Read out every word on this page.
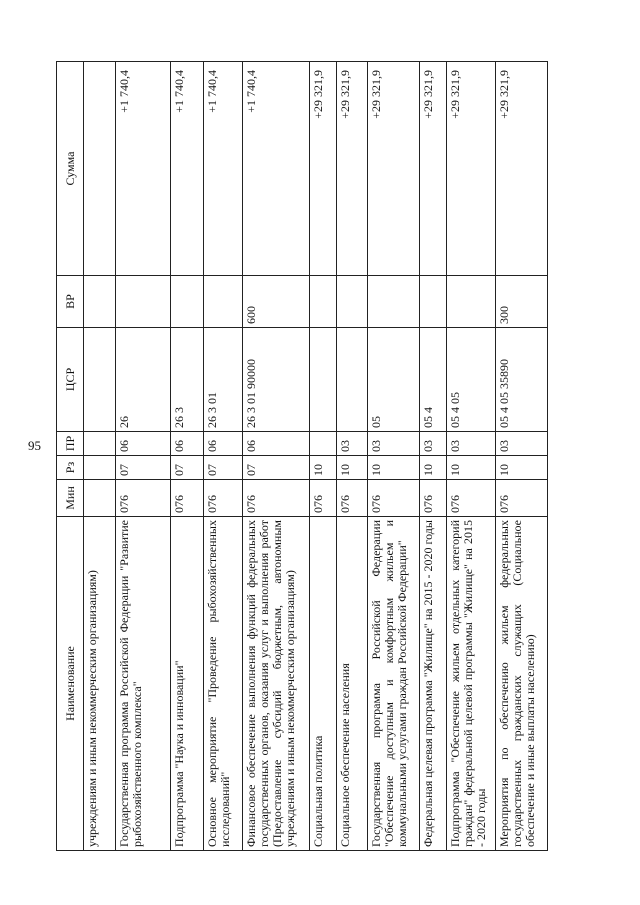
95
Наименование	Мин	Рз	ПР	ЦСР	ВР	Сумма
учреждениям и иным некоммерческим организациям)						
Государственная программа Российской Федерации "Развитие рыбохозяйственного комплекса"	076	07	06	26		+1 740,4
Подпрограмма "Наука и инновации"	076	07	06	26 3		+1 740,4
Основное мероприятие "Проведение рыбохозяйственных исследований"	076	07	06	26 3 01		+1 740,4
Финансовое обеспечение выполнения функций федеральных государственных органов, оказания услуг и выполнения работ (Предоставление субсидий бюджетным, автономным учреждениям и иным некоммерческим организациям)	076	07	06	26 3 01 90000	600	+1 740,4
Социальная политика	076	10				+29 321,9
Социальное обеспечение населения	076	10	03			+29 321,9
Государственная программа Российской Федерации "Обеспечение доступным и комфортным жильем и коммунальными услугами граждан Российской Федерации"	076	10	03	05		+29 321,9
Федеральная целевая программа "Жилище" на 2015 - 2020 годы	076	10	03	05 4		+29 321,9
Подпрограмма "Обеспечение жильем отдельных категорий граждан" федеральной целевой программы "Жилище" на 2015 - 2020 годы	076	10	03	05 4 05		+29 321,9
Мероприятия по обеспечению жильем федеральных государственных гражданских служащих (Социальное обеспечение и иные выплаты населению)	076	10	03	05 4 05 35890	300	+29 321,9
